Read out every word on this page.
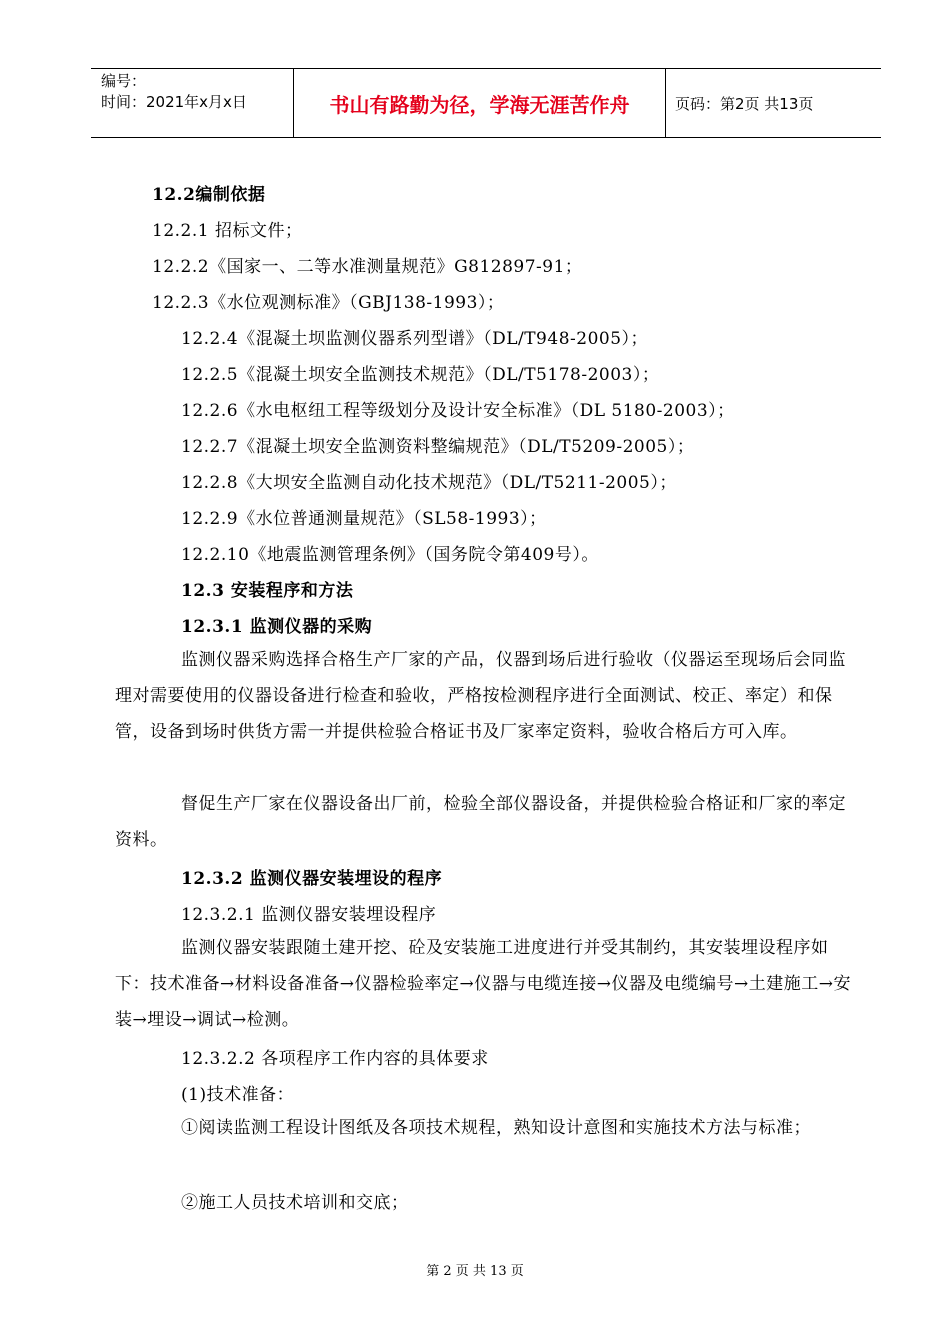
编号：
时间：2021年x月x日	书山有路勤为径，学海无涯苦作舟	页码：第2页 共13页
12.2编制依据
12.2.1 招标文件；
12.2.2《国家一、二等水准测量规范》G812897-91；
12.2.3《水位观测标准》（GBJ138-1993）；
12.2.4《混凝土坝监测仪器系列型谱》（DL/T948-2005）；
12.2.5《混凝土坝安全监测技术规范》（DL/T5178-2003）；
12.2.6《水电枢纽工程等级划分及设计安全标准》（DL 5180-2003）；
12.2.7《混凝土坝安全监测资料整编规范》（DL/T5209-2005）；
12.2.8《大坝安全监测自动化技术规范》（DL/T5211-2005）；
12.2.9《水位普通测量规范》（SL58-1993）；
12.2.10《地震监测管理条例》（国务院令第409号）。
12.3 安装程序和方法
12.3.1 监测仪器的采购
监测仪器采购选择合格生产厂家的产品，仪器到场后进行验收（仪器运至现场后会同监理对需要使用的仪器设备进行检查和验收，严格按检测程序进行全面测试、校正、率定）和保管，设备到场时供货方需一并提供检验合格证书及厂家率定资料，验收合格后方可入库。
督促生产厂家在仪器设备出厂前，检验全部仪器设备，并提供检验合格证和厂家的率定资料。
12.3.2 监测仪器安装埋设的程序
12.3.2.1 监测仪器安装埋设程序
监测仪器安装跟随土建开挖、砼及安装施工进度进行并受其制约，其安装埋设程序如下：技术准备→材料设备准备→仪器检验率定→仪器与电缆连接→仪器及电缆编号→土建施工→安装→埋设→调试→检测。
12.3.2.2 各项程序工作内容的具体要求
(1)技术准备：
①阅读监测工程设计图纸及各项技术规程，熟知设计意图和实施技术方法与标准；
②施工人员技术培训和交底；
第 2 页 共 13 页
